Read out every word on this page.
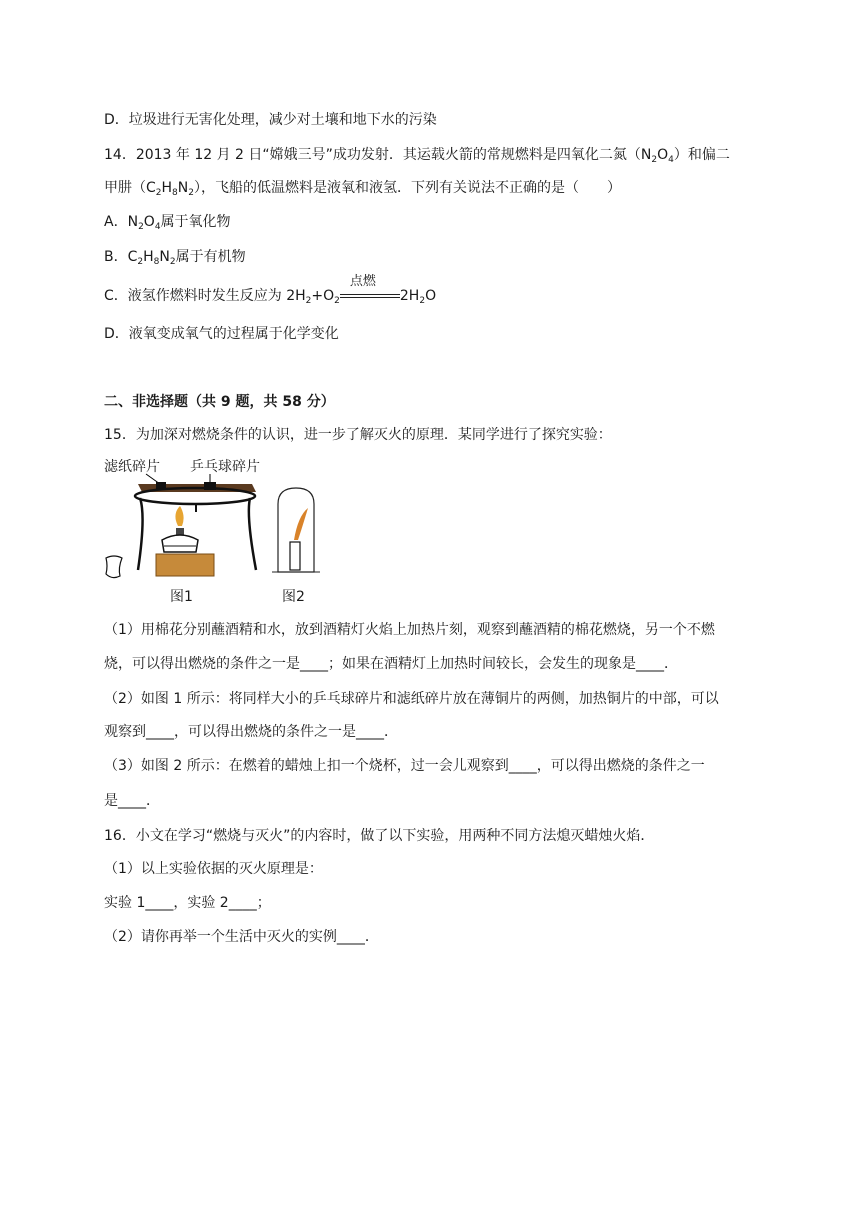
D．垃圾进行无害化处理，减少对土壤和地下水的污染
14．2013 年 12 月 2 日“嫦娥三号”成功发射．其运载火箭的常规燃料是四氧化二氮$(N_2O_4)$和偏二
甲肼$(C_2H_8N_2)$，飞船的低温燃料是液氧和液氢．下列有关说法不正确的是（　　）
A．$N_2O_4$属于氧化物
B．$C_2H_8N_2$属于有机物
C．液氢作燃料时发生反应为 $2H_2+O_2$
点燃
$2H_2O$
D．液氧变成氧气的过程属于化学变化
二、非选择题（共 9 题，共 58 分）
15．为加深对燃烧条件的认识，进一步了解灭火的原理．某同学进行了探究实验：
滤纸碎片 乒乓球碎片
图1	图2
（1）用棉花分别蘸酒精和水，放到酒精灯火焰上加热片刻，观察到蘸酒精的棉花燃烧，另一个不燃
烧，可以得出燃烧的条件之一是____；如果在酒精灯上加热时间较长，会发生的现象是____．
（2）如图 1 所示：将同样大小的乒乓球碎片和滤纸碎片放在薄铜片的两侧，加热铜片的中部，可以
观察到____，可以得出燃烧的条件之一是____．
（3）如图 2 所示：在燃着的蜡烛上扣一个烧杯，过一会儿观察到____，可以得出燃烧的条件之一
是____．
16．小文在学习“燃烧与灭火”的内容时，做了以下实验，用两种不同方法熄灭蜡烛火焰．
（1）以上实验依据的灭火原理是：
实验 1____，实验 2____；
（2）请你再举一个生活中灭火的实例____．
